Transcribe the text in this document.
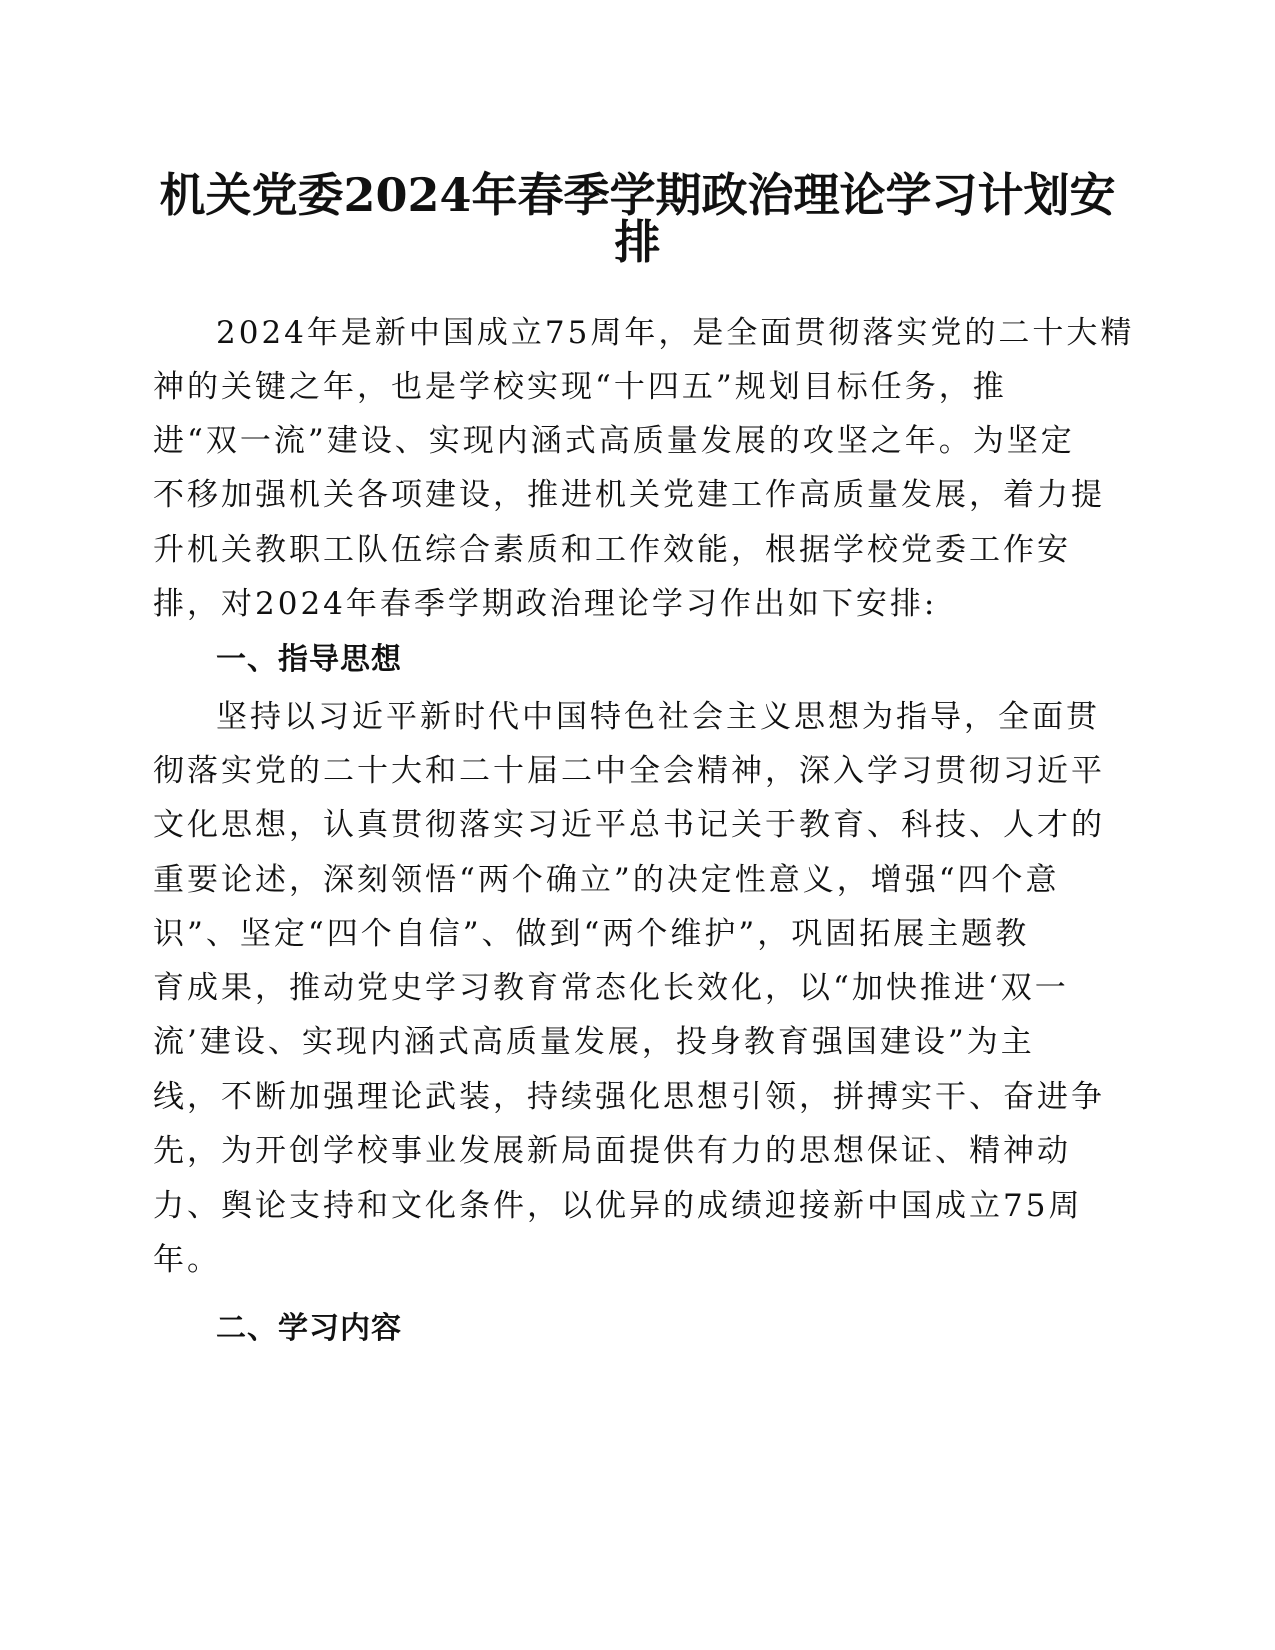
机关党委2024年春季学期政治理论学习计划安
排

2024年是新中国成立75周年，是全面贯彻落实党的二十大精

神的关键之年，也是学校实现“十四五”规划目标任务，推

进“双一流”建设、实现内涵式高质量发展的攻坚之年。为坚定

不移加强机关各项建设，推进机关党建工作高质量发展，着力提

升机关教职工队伍综合素质和工作效能，根据学校党委工作安

排，对2024年春季学期政治理论学习作出如下安排:

一、指导思想

坚持以习近平新时代中国特色社会主义思想为指导，全面贯

彻落实党的二十大和二十届二中全会精神，深入学习贯彻习近平

文化思想，认真贯彻落实习近平总书记关于教育、科技、人才的

重要论述，深刻领悟“两个确立”的决定性意义，增强“四个意

识”、坚定“四个自信”、做到“两个维护”，巩固拓展主题教

育成果，推动党史学习教育常态化长效化，以“加快推进‘双一

流’建设、实现内涵式高质量发展，投身教育强国建设”为主

线，不断加强理论武装，持续强化思想引领，拼搏实干、奋进争

先，为开创学校事业发展新局面提供有力的思想保证、精神动

力、舆论支持和文化条件，以优异的成绩迎接新中国成立75周

年。

二、学习内容
